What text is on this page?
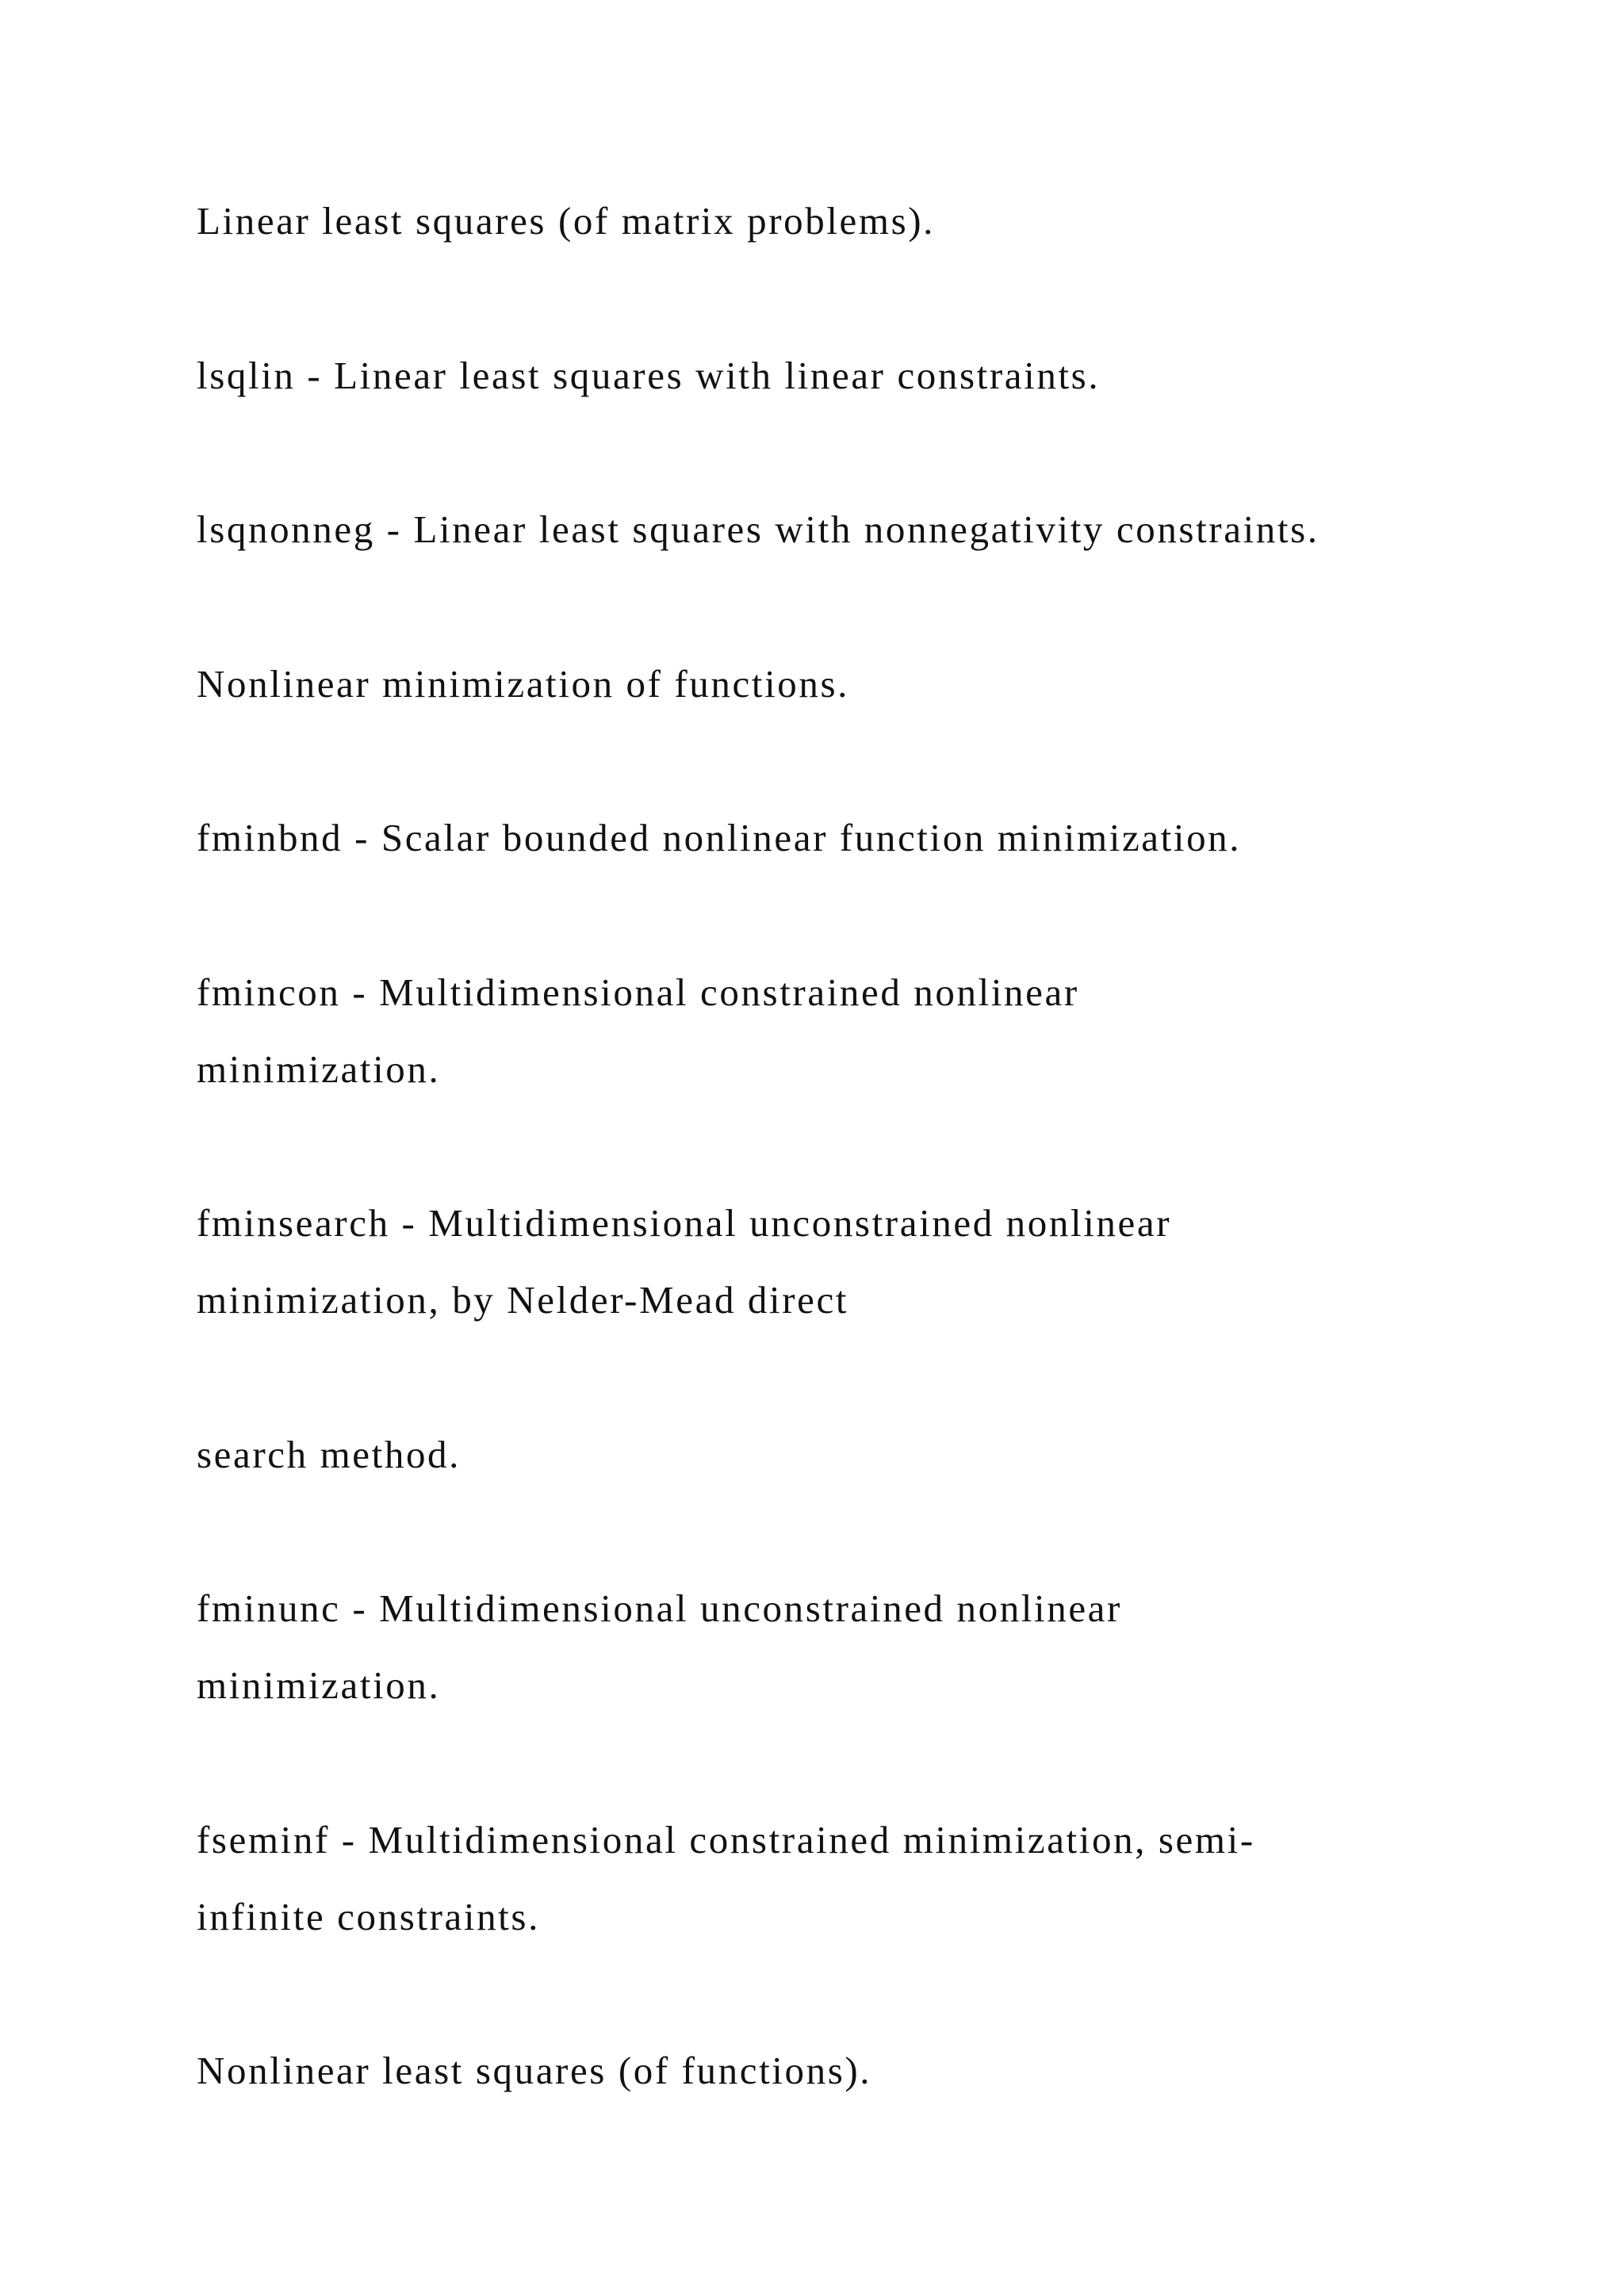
Linear least squares (of matrix problems).

lsqlin - Linear least squares with linear constraints.

lsqnonneg - Linear least squares with nonnegativity constraints.

Nonlinear minimization of functions.

fminbnd - Scalar bounded nonlinear function minimization.

fmincon - Multidimensional constrained nonlinear

minimization.

fminsearch - Multidimensional unconstrained nonlinear

minimization, by Nelder-Mead direct

search method.

fminunc - Multidimensional unconstrained nonlinear

minimization.

fseminf - Multidimensional constrained minimization, semi-

infinite constraints.

Nonlinear least squares (of functions).
